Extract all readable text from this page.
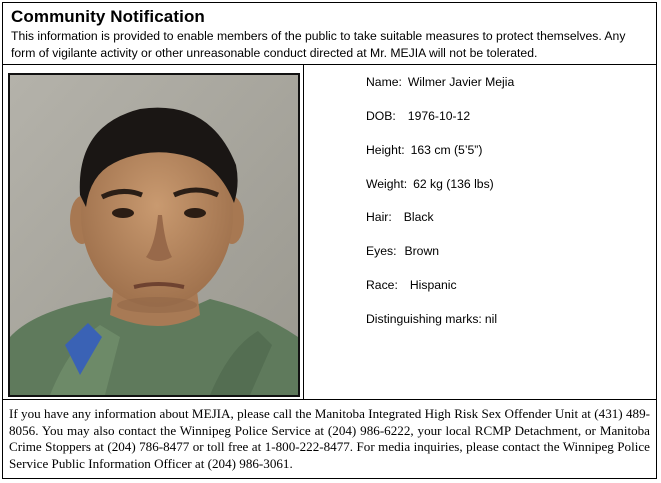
Community Notification
This information is provided to enable members of the public to take suitable measures to protect themselves. Any form of vigilante activity or other unreasonable conduct directed at Mr. MEJIA will not be tolerated.
Name: Wilmer Javier Mejia
DOB: 1976-10-12
Height: 163 cm (5’5”)
Weight: 62 kg (136 lbs)
Hair: Black
Eyes: Brown
Race: Hispanic
Distinguishing marks: nil
If you have any information about MEJIA, please call the Manitoba Integrated High Risk Sex Offender Unit at (431) 489-8056. You may also contact the Winnipeg Police Service at (204) 986-6222, your local RCMP Detachment, or Manitoba Crime Stoppers at (204) 786-8477 or toll free at 1-800-222-8477. For media inquiries, please contact the Winnipeg Police Service Public Information Officer at (204) 986-3061.
